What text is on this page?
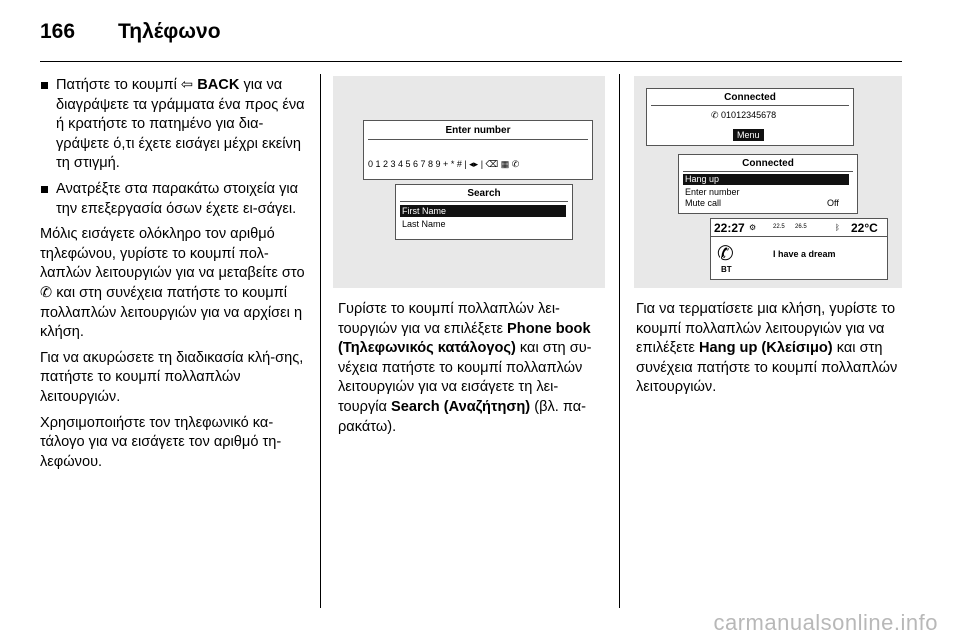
166 Τηλέφωνο
Πατήστε το κουμπί ⇦ BACK για να διαγράψετε τα γράμματα ένα προς ένα ή κρατήστε το πατημένο για δια-γράψετε ό,τι έχετε εισάγει μέχρι εκείνη τη στιγμή.
Ανατρέξτε στα παρακάτω στοιχεία για την επεξεργασία όσων έχετε ει-σάγει.

Μόλις εισάγετε ολόκληρο τον αριθμό τηλεφώνου, γυρίστε το κουμπί πολ-λαπλών λειτουργιών για να μεταβείτε στο ✆ και στη συνέχεια πατήστε το κουμπί πολλαπλών λειτουργιών για να αρχίσει η κλήση.

Για να ακυρώσετε τη διαδικασία κλή-σης, πατήστε το κουμπί πολλαπλών λειτουργιών.

Χρησιμοποιήστε τον τηλεφωνικό κα-τάλογο για να εισάγετε τον αριθμό τη-λεφώνου.

Enter number
0 1 2 3 4 5 6 7 8 9 + * # | ◂▸ | ⌫ ▦ ✆
Search
First Name
Last Name

Γυρίστε το κουμπί πολλαπλών λει-τουργιών για να επιλέξετε Phone book (Τηλεφωνικός κατάλογος) και στη συ-νέχεια πατήστε το κουμπί πολλαπλών λειτουργιών για να εισάγετε τη λει-τουργία Search (Αναζήτηση) (βλ. πα-ρακάτω).

Connected
✆ 01012345678
Menu
Connected
Hang up
Enter number
Mute call	Off
22:27 ⚙	22.5 26.5	ᛒ 22°C
✆
BT
I have a dream

Για να τερματίσετε μια κλήση, γυρίστε το κουμπί πολλαπλών λειτουργιών για να επιλέξετε Hang up (Κλείσιμο) και στη συνέχεια πατήστε το κουμπί πολλαπλών λειτουργιών.

carmanualsonline.info
